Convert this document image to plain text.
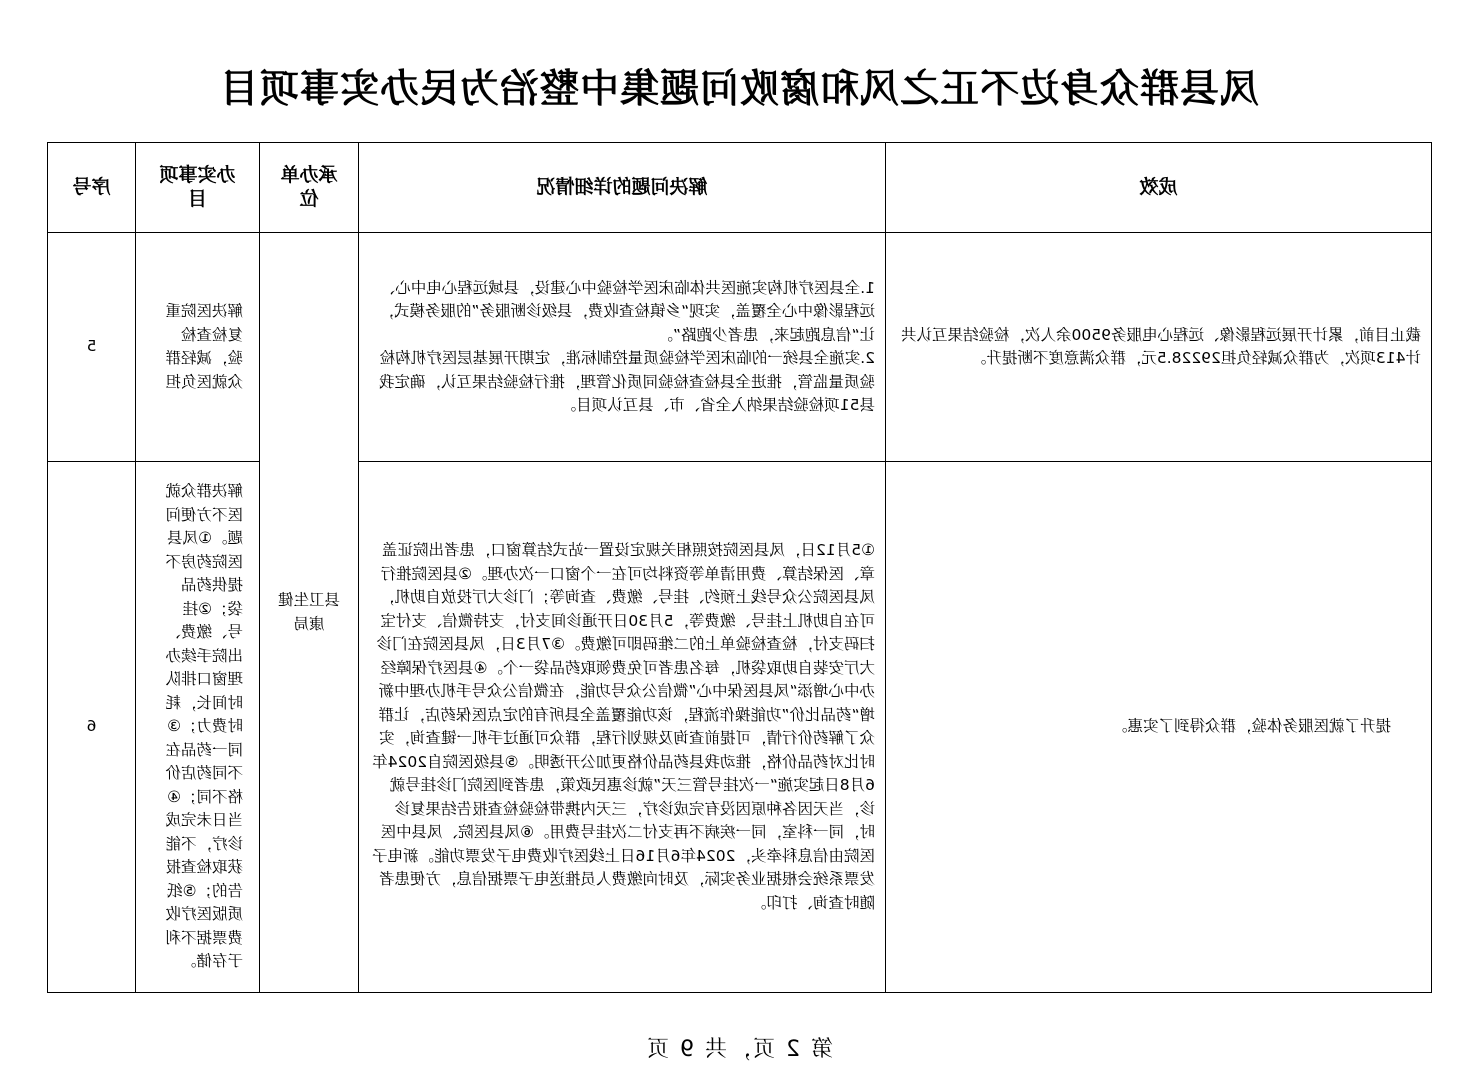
凤县群众身边不正之风和腐败问题集中整治为民办实事项目
成效	解决问题的详细情况	承办单位	办实事项目	序号
截止目前，累计开展远程影像、远程心电服务9500余人次，检验结果互认共计413项次，为群众减轻负担29228.5元，群众满意度不断提升。	1.全县医疗机构实施医共体临床医学检验中心建设，县域远程心电中心、远程影像中心全覆盖，实现“乡镇检查收费，县级诊断服务”的服务模式，让“信息跑起来，患者少跑路”。
2.实施全县统一的临床医学检验质量控制标准，定期开展基层医疗机构检验质量监管，推进全县检查检验同质化管理，推行检验结果互认，确定我县51项检验结果纳入全省、市、县互认项目。	县卫生健康局	解决医院重复检查检验，减轻群众就医负担	5
提升了就医服务体验，群众得到了实惠。	①5月12日，凤县医院按照相关规定设置一站式结算窗口，患者出院证盖章、医保结算、费用清单等资料均可在一个窗口一次办理。②县医院推行凤县医院公众号线上预约、挂号、缴费、查询等；门诊大厅投放自助机，可在自助机上挂号、缴费等，5月30日开通诊间支付，支持微信、支付宝扫码支付，检查检验单上的二维码即可缴费。③7月3日，凤县医院在门诊大厅安装自助取袋机，每名患者可免费领取药品袋一个。④县医疗保障经办中心增添“凤县医保中心”微信公众号功能，在微信公众号手机办理中新增“药品比价”功能操作流程，该功能覆盖全县所有的定点医保药店，让群众了解药价行情，可提前查询及规划行程，群众可通过手机一键查询，实时比对药品价格，推动我县药品价格更加公开透明。⑤县级医院自2024年6月8日起实施“一次挂号管三天”就诊惠民政策，患者到医院门诊挂号就诊，当天因各种原因没有完成诊疗，三天内携带检验检查报告结果复诊时，同一科室，同一疾病不再支付二次挂号费用。⑥凤县医院、凤县中医医院由信息科牵头，2024年6月16日上线医疗收费电子发票功能。新电子发票系统会根据业务实际，及时向缴费人员推送电子票据信息，方便患者随时查询、打印。		解决群众就医不方便问题。①凤县医院药房不提供药品袋；②挂号、缴费、出院手续办理窗口排队时间长，耗时费力；③同一药品在不同药店价格不同；④当日未完成诊疗，不能获取检查报告的；⑤纸质版医疗收费票据不利于存储。	6
第 2 页，共 9 页
